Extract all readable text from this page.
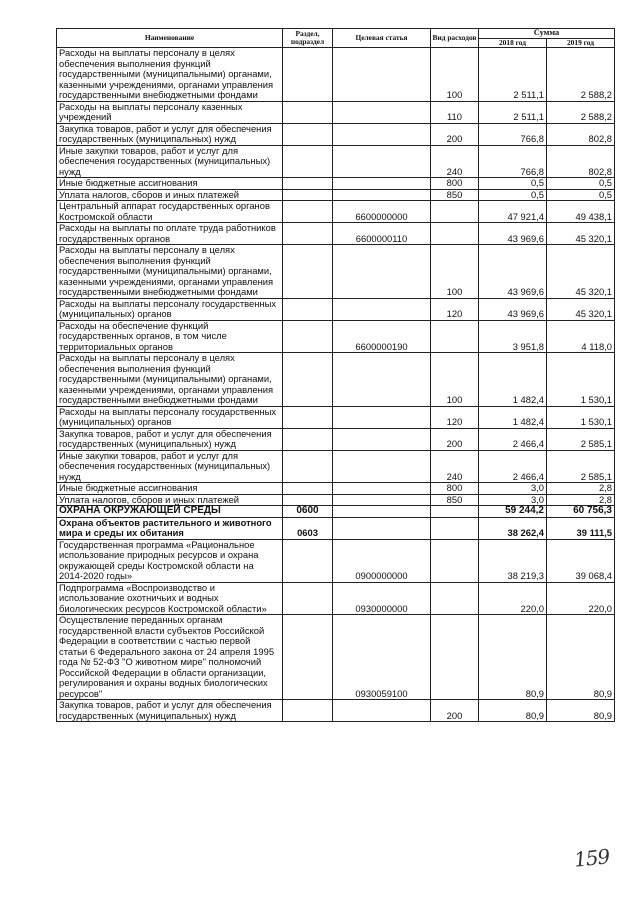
Наименование	Раздел, подраздел	Целевая статья	Вид расходов	Сумма	
				2018 год	2019 год
Расходы на выплаты персоналу в целях обеспечения выполнения функций государственными (муниципальными) органами, казенными учреждениями, органами управления государственными внебюджетными фондами			100	2 511,1	2 588,2
Расходы на выплаты персоналу казенных учреждений			110	2 511,1	2 588,2
Закупка товаров, работ и услуг для обеспечения государственных (муниципальных) нужд			200	766,8	802,8
Иные закупки товаров, работ и услуг для обеспечения государственных (муниципальных) нужд			240	766,8	802,8
Иные бюджетные ассигнования			800	0,5	0,5
Уплата налогов, сборов и иных платежей			850	0,5	0,5
Центральный аппарат государственных органов Костромской области		6600000000		47 921,4	49 438,1
Расходы на выплаты по оплате труда работников государственных органов		6600000110		43 969,6	45 320,1
Расходы на выплаты персоналу в целях обеспечения выполнения функций государственными (муниципальными) органами, казенными учреждениями, органами управления государственными внебюджетными фондами			100	43 969,6	45 320,1
Расходы на выплаты персоналу государственных (муниципальных) органов			120	43 969,6	45 320,1
Расходы на обеспечение функций государственных органов, в том числе территориальных органов		6600000190		3 951,8	4 118,0
Расходы на выплаты персоналу в целях обеспечения выполнения функций государственными (муниципальными) органами, казенными учреждениями, органами управления государственными внебюджетными фондами			100	1 482,4	1 530,1
Расходы на выплаты персоналу государственных (муниципальных) органов			120	1 482,4	1 530,1
Закупка товаров, работ и услуг для обеспечения государственных (муниципальных) нужд			200	2 466,4	2 585,1
Иные закупки товаров, работ и услуг для обеспечения государственных (муниципальных) нужд			240	2 466,4	2 585,1
Иные бюджетные ассигнования			800	3,0	2,8
Уплата налогов, сборов и иных платежей			850	3,0	2,8
ОХРАНА ОКРУЖАЮЩЕЙ СРЕДЫ	0600			59 244,2	60 756,3
Охрана объектов растительного и животного мира и среды их обитания	0603			38 262,4	39 111,5
Государственная программа «Рациональное использование природных ресурсов и охрана окружающей среды Костромской области на 2014-2020 годы»		0900000000		38 219,3	39 068,4
Подпрограмма «Воспроизводство и использование охотничьих и водных биологических ресурсов Костромской области»		0930000000		220,0	220,0
Осуществление переданных органам государственной власти субъектов Российской Федерации в соответствии с частью первой статьи 6 Федерального закона от 24 апреля 1995 года № 52-ФЗ "О животном мире" полномочий Российской Федерации в области организации, регулирования и охраны водных биологических ресурсов"		0930059100		80,9	80,9
Закупка товаров, работ и услуг для обеспечения государственных (муниципальных) нужд			200	80,9	80,9
159
